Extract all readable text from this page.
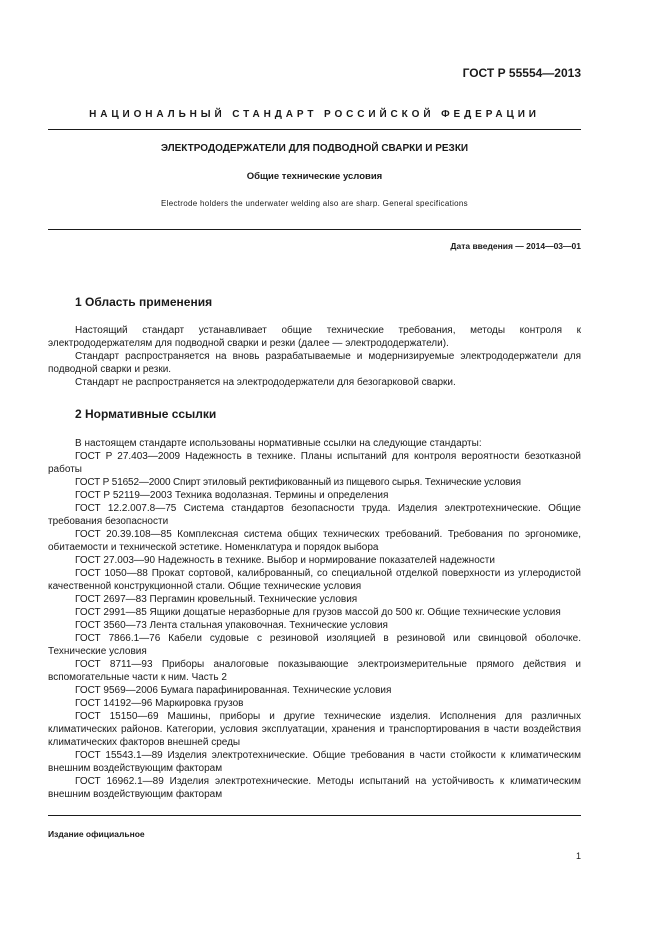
ГОСТ Р 55554—2013
НАЦИОНАЛЬНЫЙ СТАНДАРТ РОССИЙСКОЙ ФЕДЕРАЦИИ
ЭЛЕКТРОДОДЕРЖАТЕЛИ ДЛЯ ПОДВОДНОЙ СВАРКИ И РЕЗКИ
Общие технические условия
Electrode holders the underwater welding also are sharp. General specifications
Дата введения — 2014—03—01
1 Область применения

Настоящий стандарт устанавливает общие технические требования, методы контроля к электрододержателям для подводной сварки и резки (далее — электрододержатели).

Стандарт распространяется на вновь разрабатываемые и модернизируемые электрододержатели для подводной сварки и резки.

Стандарт не распространяется на электрододержатели для безогарковой сварки.

2 Нормативные ссылки

В настоящем стандарте использованы нормативные ссылки на следующие стандарты:

ГОСТ Р 27.403—2009 Надежность в технике. Планы испытаний для контроля вероятности безотказной работы

ГОСТ Р 51652—2000 Спирт этиловый ректификованный из пищевого сырья. Технические условия

ГОСТ Р 52119—2003 Техника водолазная. Термины и определения

ГОСТ 12.2.007.8—75 Система стандартов безопасности труда. Изделия электротехнические. Общие требования безопасности

ГОСТ 20.39.108—85 Комплексная система общих технических требований. Требования по эргономике, обитаемости и технической эстетике. Номенклатура и порядок выбора

ГОСТ 27.003—90 Надежность в технике. Выбор и нормирование показателей надежности

ГОСТ 1050—88 Прокат сортовой, калиброванный, со специальной отделкой поверхности из углеродистой качественной конструкционной стали. Общие технические условия

ГОСТ 2697—83 Пергамин кровельный. Технические условия

ГОСТ 2991—85 Ящики дощатые неразборные для грузов массой до 500 кг. Общие технические условия

ГОСТ 3560—73 Лента стальная упаковочная. Технические условия

ГОСТ 7866.1—76 Кабели судовые с резиновой изоляцией в резиновой или свинцовой оболочке. Технические условия

ГОСТ 8711—93 Приборы аналоговые показывающие электроизмерительные прямого действия и вспомогательные части к ним. Часть 2

ГОСТ 9569—2006 Бумага парафинированная. Технические условия

ГОСТ 14192—96 Маркировка грузов

ГОСТ 15150—69 Машины, приборы и другие технические изделия. Исполнения для различных климатических районов. Категории, условия эксплуатации, хранения и транспортирования в части воздействия климатических факторов внешней среды

ГОСТ 15543.1—89 Изделия электротехнические. Общие требования в части стойкости к климатическим внешним воздействующим факторам

ГОСТ 16962.1—89 Изделия электротехнические. Методы испытаний на устойчивость к климатическим внешним воздействующим факторам

Издание официальное
1
